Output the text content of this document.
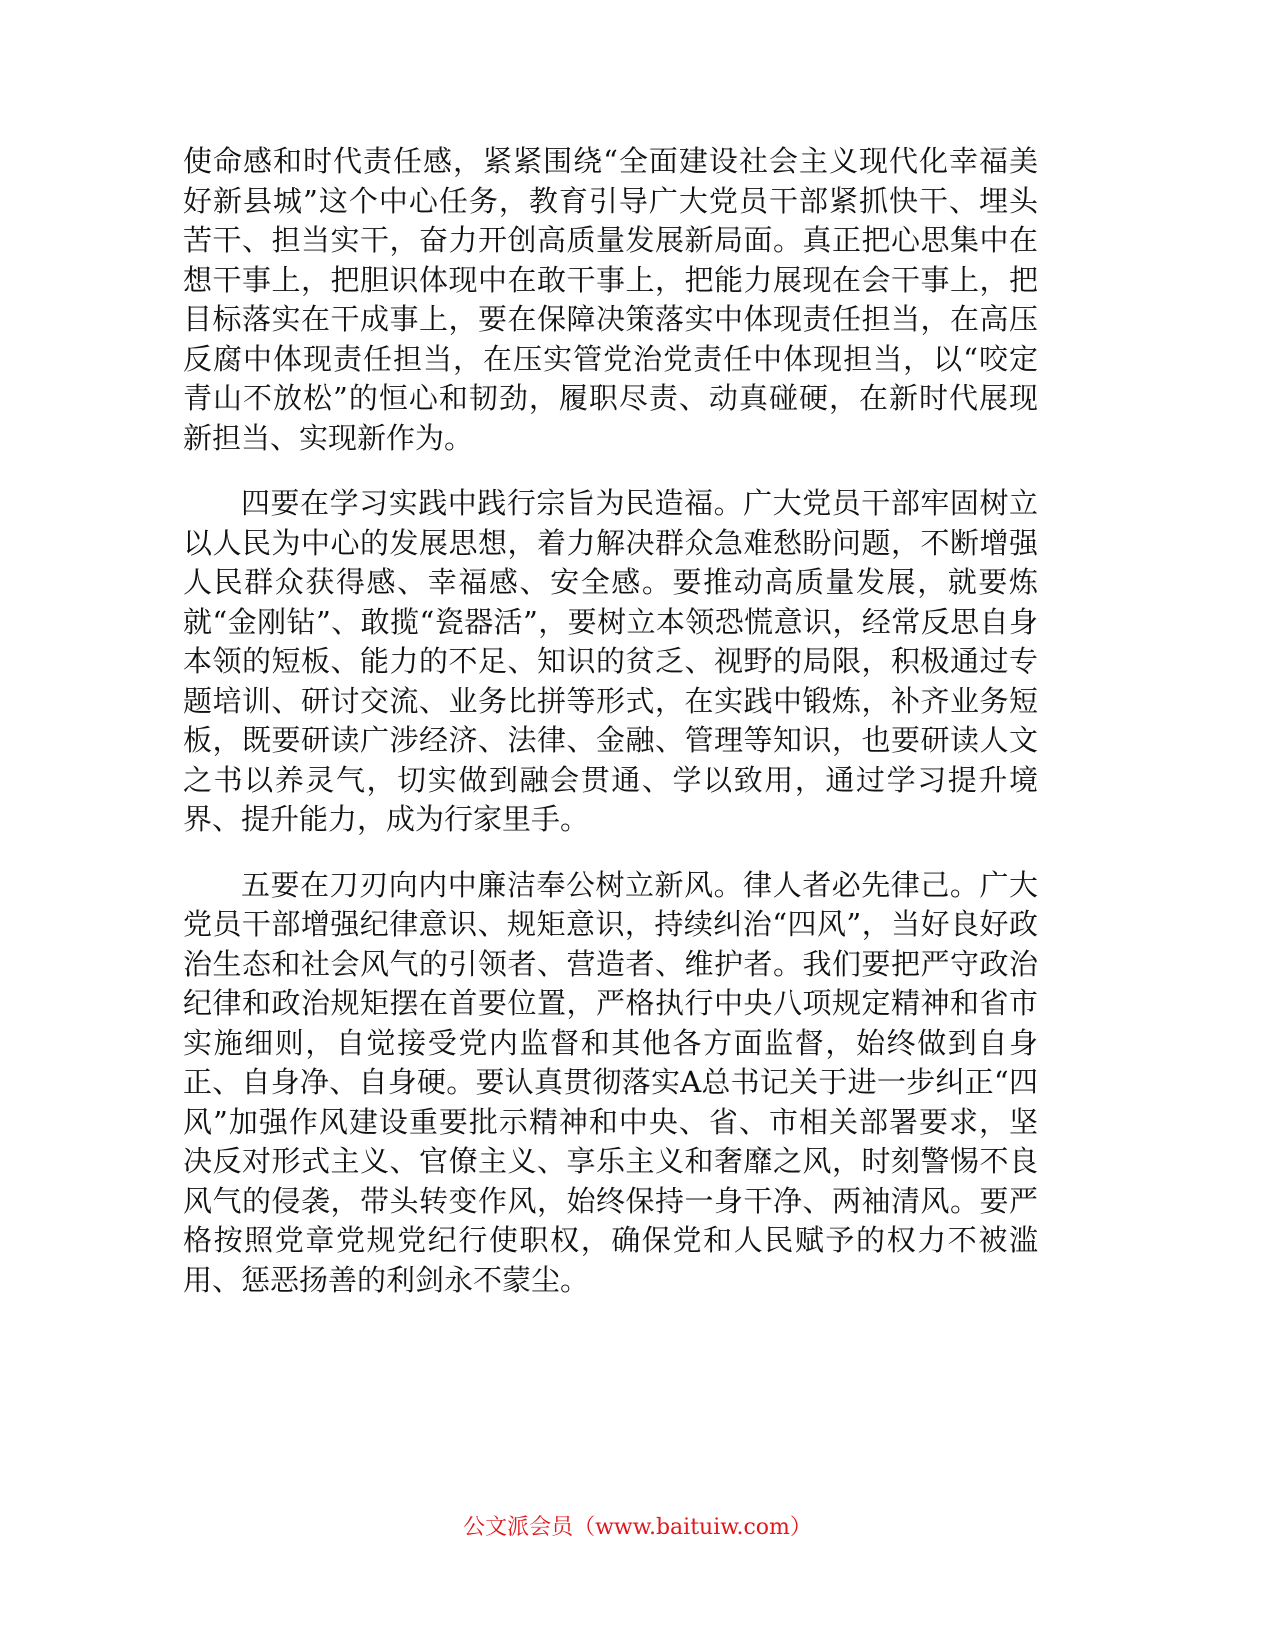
使命感和时代责任感，紧紧围绕“全面建设社会主义现代化幸福美好新县城”这个中心任务，教育引导广大党员干部紧抓快干、埋头苦干、担当实干，奋力开创高质量发展新局面。真正把心思集中在想干事上，把胆识体现中在敢干事上，把能力展现在会干事上，把目标落实在干成事上，要在保障决策落实中体现责任担当，在高压反腐中体现责任担当，在压实管党治党责任中体现担当，以“咬定青山不放松”的恒心和韧劲，履职尽责、动真碰硬，在新时代展现新担当、实现新作为。

四要在学习实践中践行宗旨为民造福。广大党员干部牢固树立以人民为中心的发展思想，着力解决群众急难愁盼问题，不断增强人民群众获得感、幸福感、安全感。要推动高质量发展，就要炼就“金刚钻”、敢揽“瓷器活”，要树立本领恐慌意识，经常反思自身本领的短板、能力的不足、知识的贫乏、视野的局限，积极通过专题培训、研讨交流、业务比拼等形式，在实践中锻炼，补齐业务短板，既要研读广涉经济、法律、金融、管理等知识，也要研读人文之书以养灵气，切实做到融会贯通、学以致用，通过学习提升境界、提升能力，成为行家里手。

五要在刀刃向内中廉洁奉公树立新风。律人者必先律己。广大党员干部增强纪律意识、规矩意识，持续纠治“四风”，当好良好政治生态和社会风气的引领者、营造者、维护者。我们要把严守政治纪律和政治规矩摆在首要位置，严格执行中央八项规定精神和省市实施细则，自觉接受党内监督和其他各方面监督，始终做到自身正、自身净、自身硬。要认真贯彻落实A总书记关于进一步纠正“四风”加强作风建设重要批示精神和中央、省、市相关部署要求，坚决反对形式主义、官僚主义、享乐主义和奢靡之风，时刻警惕不良风气的侵袭，带头转变作风，始终保持一身干净、两袖清风。要严格按照党章党规党纪行使职权，确保党和人民赋予的权力不被滥用、惩恶扬善的利剑永不蒙尘。

公文派会员（www.baituiw.com）
